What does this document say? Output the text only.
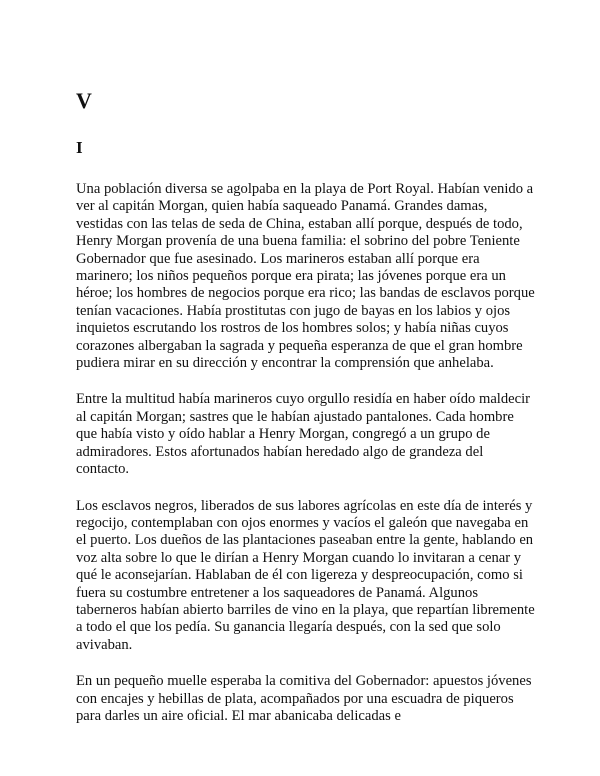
V
I

Una población diversa se agolpaba en la playa de Port Royal. Habían venido a ver al capitán Morgan, quien había saqueado Panamá. Grandes damas, vestidas con las telas de seda de China, estaban allí porque, después de todo, Henry Morgan provenía de una buena familia: el sobrino del pobre Teniente Gobernador que fue asesinado. Los marineros estaban allí porque era marinero; los niños pequeños porque era pirata; las jóvenes porque era un héroe; los hombres de negocios porque era rico; las bandas de esclavos porque tenían vacaciones. Había prostitutas con jugo de bayas en los labios y ojos inquietos escrutando los rostros de los hombres solos; y había niñas cuyos corazones albergaban la sagrada y pequeña esperanza de que el gran hombre pudiera mirar en su dirección y encontrar la comprensión que anhelaba.

Entre la multitud había marineros cuyo orgullo residía en haber oído maldecir al capitán Morgan; sastres que le habían ajustado pantalones. Cada hombre que había visto y oído hablar a Henry Morgan, congregó a un grupo de admiradores. Estos afortunados habían heredado algo de grandeza del contacto.

Los esclavos negros, liberados de sus labores agrícolas en este día de interés y regocijo, contemplaban con ojos enormes y vacíos el galeón que navegaba en el puerto. Los dueños de las plantaciones paseaban entre la gente, hablando en voz alta sobre lo que le dirían a Henry Morgan cuando lo invitaran a cenar y qué le aconsejarían. Hablaban de él con ligereza y despreocupación, como si fuera su costumbre entretener a los saqueadores de Panamá. Algunos taberneros habían abierto barriles de vino en la playa, que repartían libremente a todo el que los pedía. Su ganancia llegaría después, con la sed que solo avivaban.

En un pequeño muelle esperaba la comitiva del Gobernador: apuestos jóvenes con encajes y hebillas de plata, acompañados por una escuadra de piqueros para darles un aire oficial. El mar abanicaba delicadas e
